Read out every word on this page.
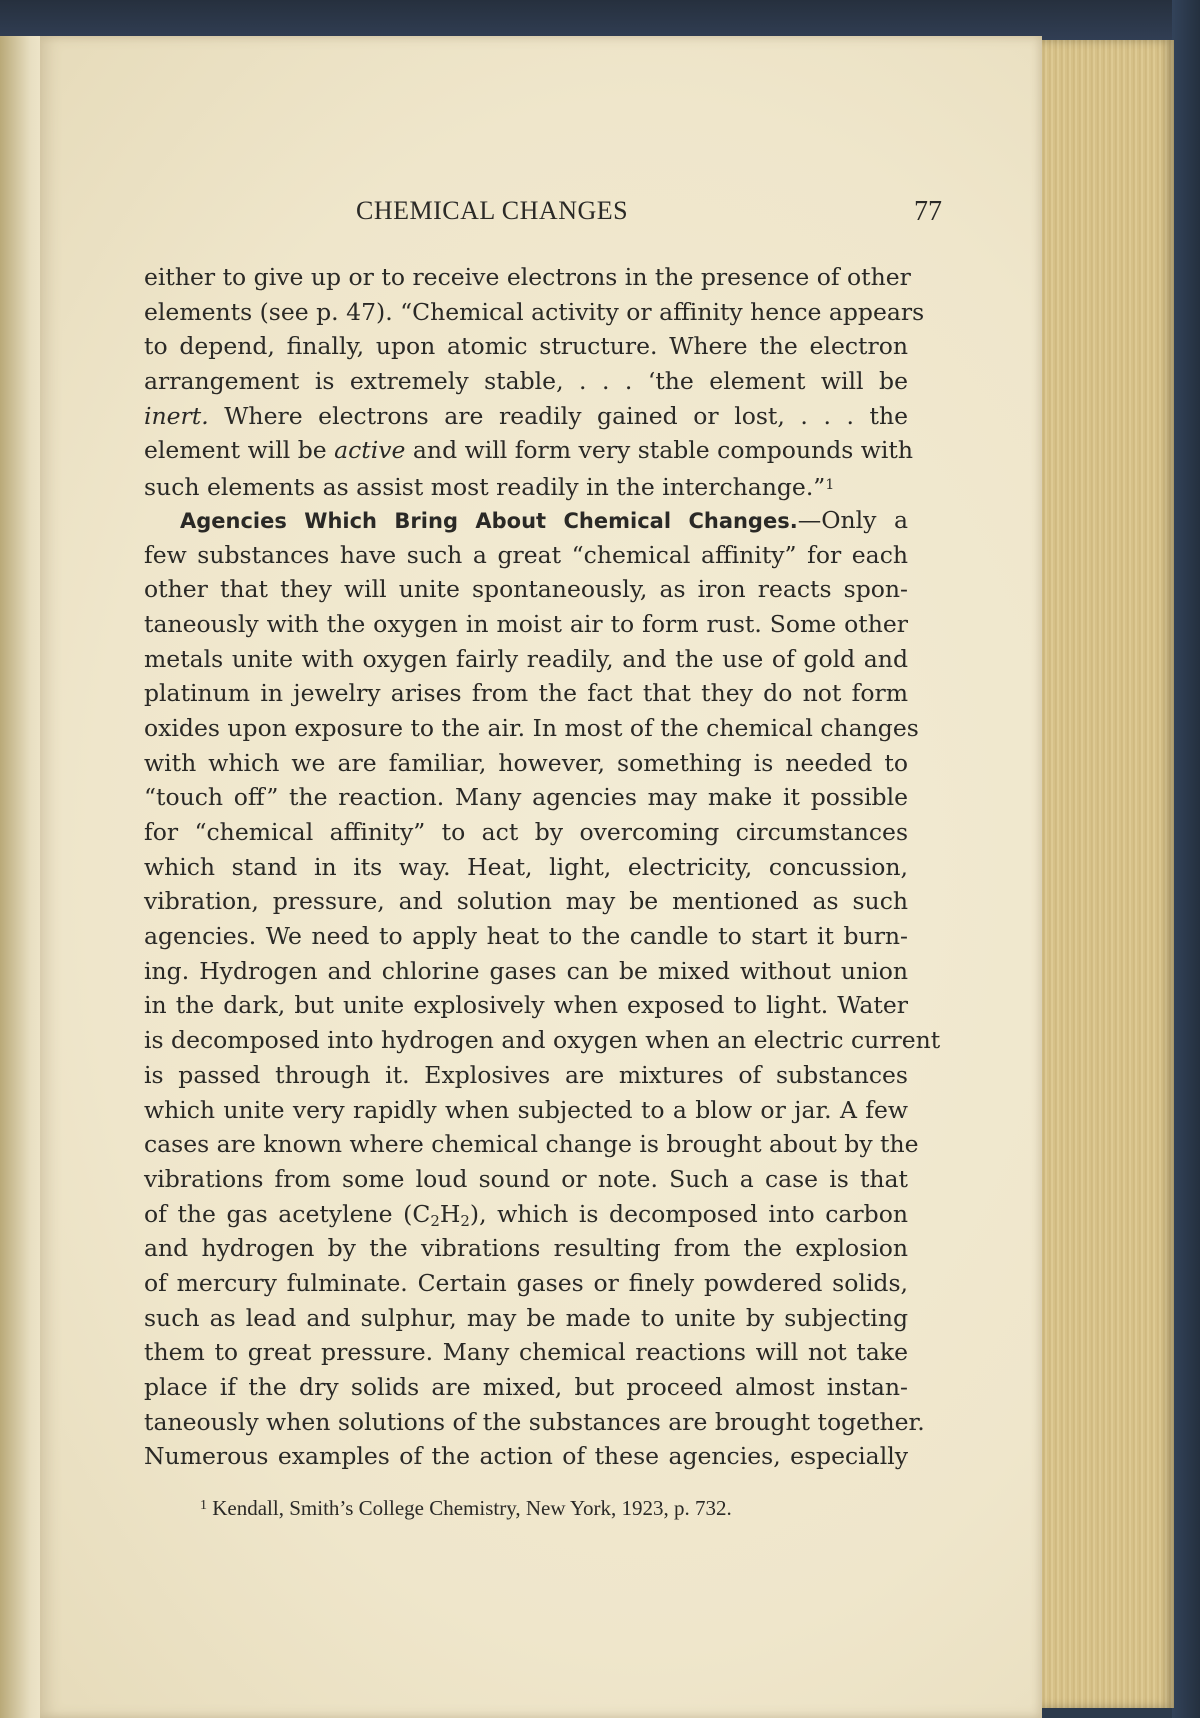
CHEMICAL CHANGES	77
either to give up or to receive electrons in the presence of other
elements (see p. 47). “Chemical activity or affinity hence appears
to depend, finally, upon atomic structure. Where the electron
arrangement is extremely stable, . . . ‘the element will be
inert. Where electrons are readily gained or lost, . . . the
element will be active and will form very stable compounds with
such elements as assist most readily in the interchange.”$^1$
Agencies Which Bring About Chemical Changes.—Only a
few substances have such a great “chemical affinity” for each
other that they will unite spontaneously, as iron reacts spon-
taneously with the oxygen in moist air to form rust. Some other
metals unite with oxygen fairly readily, and the use of gold and
platinum in jewelry arises from the fact that they do not form
oxides upon exposure to the air. In most of the chemical changes
with which we are familiar, however, something is needed to
“touch off” the reaction. Many agencies may make it possible
for “chemical affinity” to act by overcoming circumstances
which stand in its way. Heat, light, electricity, concussion,
vibration, pressure, and solution may be mentioned as such
agencies. We need to apply heat to the candle to start it burn-
ing. Hydrogen and chlorine gases can be mixed without union
in the dark, but unite explosively when exposed to light. Water
is decomposed into hydrogen and oxygen when an electric current
is passed through it. Explosives are mixtures of substances
which unite very rapidly when subjected to a blow or jar. A few
cases are known where chemical change is brought about by the
vibrations from some loud sound or note. Such a case is that
of the gas acetylene $(C_2H_2)$, which is decomposed into carbon
and hydrogen by the vibrations resulting from the explosion
of mercury fulminate. Certain gases or finely powdered solids,
such as lead and sulphur, may be made to unite by subjecting
them to great pressure. Many chemical reactions will not take
place if the dry solids are mixed, but proceed almost instan-
taneously when solutions of the substances are brought together.
Numerous examples of the action of these agencies, especially
$^1$ Kendall, Smith’s College Chemistry, New York, 1923, p. 732.
